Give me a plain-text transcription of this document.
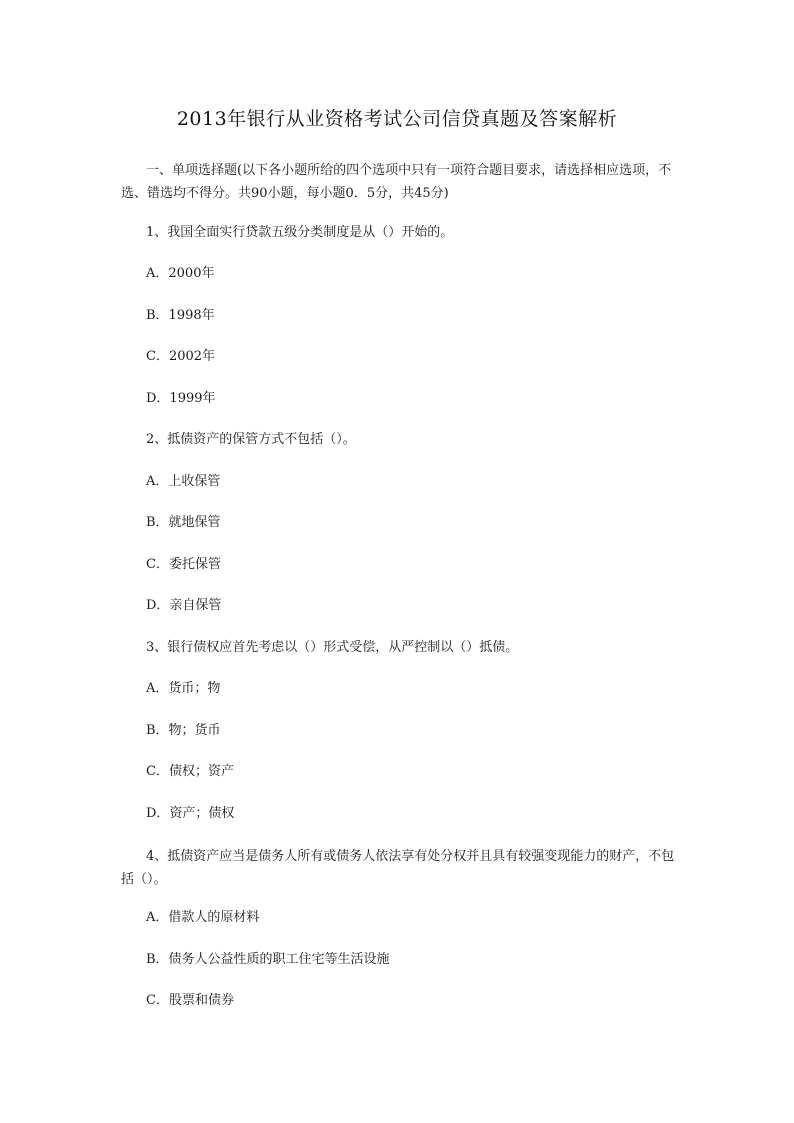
2013年银行从业资格考试公司信贷真题及答案解析
一、单项选择题(以下各小题所给的四个选项中只有一项符合题目要求，请选择相应选项，不选、错选均不得分。共90小题，每小题0．5分，共45分)
1、我国全面实行贷款五级分类制度是从（）开始的。
A．2000年
B．1998年
C．2002年
D．1999年
2、抵债资产的保管方式不包括（）。
A．上收保管
B．就地保管
C．委托保管
D．亲自保管
3、银行债权应首先考虑以（）形式受偿，从严控制以（）抵债。
A．货币；物
B．物；货币
C．债权；资产
D．资产；债权
4、抵债资产应当是债务人所有或债务人依法享有处分权并且具有较强变现能力的财产，不包括（）。
A．借款人的原材料
B．债务人公益性质的职工住宅等生活设施
C．股票和债券
